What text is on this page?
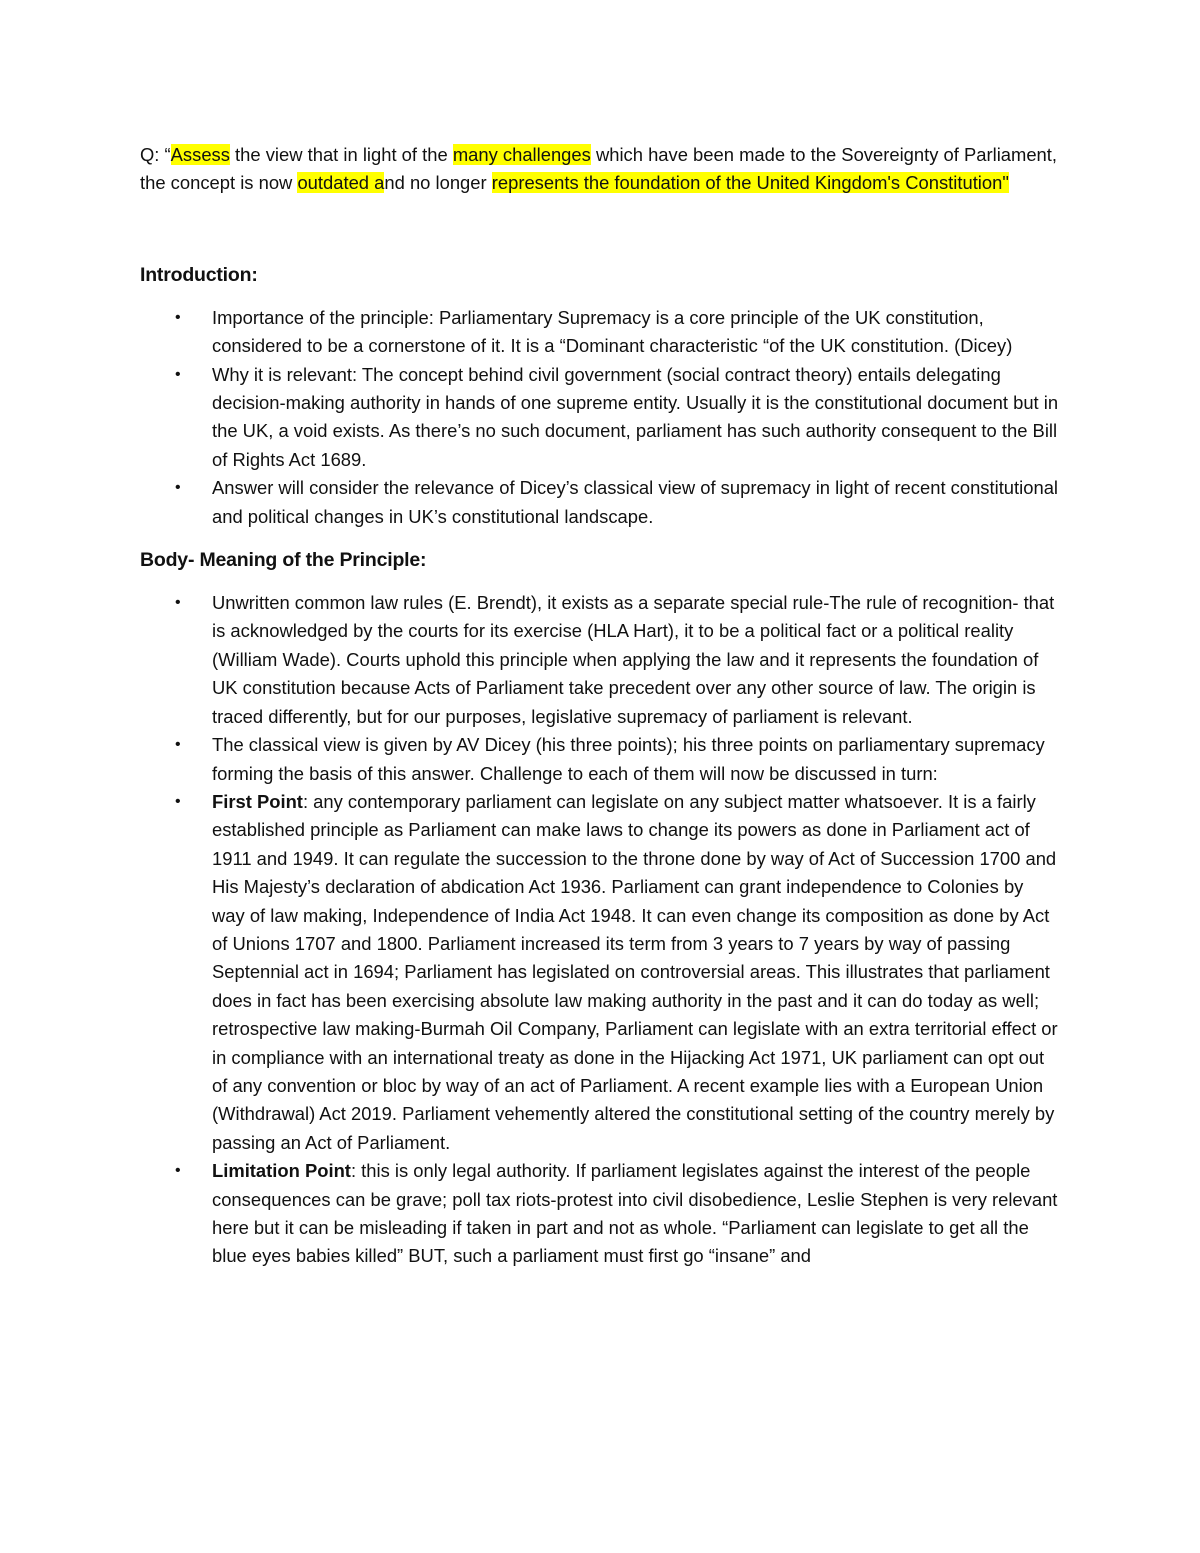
Q: “Assess the view that in light of the many challenges which have been made to the Sovereignty of Parliament, the concept is now outdated and no longer represents the foundation of the United Kingdom's Constitution"

Introduction:
• Importance of the principle: Parliamentary Supremacy is a core principle of the UK constitution, considered to be a cornerstone of it. It is a “Dominant characteristic “of the UK constitution. (Dicey)
• Why it is relevant: The concept behind civil government (social contract theory) entails delegating decision-making authority in hands of one supreme entity. Usually it is the constitutional document but in the UK, a void exists. As there’s no such document, parliament has such authority consequent to the Bill of Rights Act 1689.
• Answer will consider the relevance of Dicey’s classical view of supremacy in light of recent constitutional and political changes in UK’s constitutional landscape.
Body- Meaning of the Principle:
• Unwritten common law rules (E. Brendt), it exists as a separate special rule-The rule of recognition- that is acknowledged by the courts for its exercise (HLA Hart), it to be a political fact or a political reality (William Wade). Courts uphold this principle when applying the law and it represents the foundation of UK constitution because Acts of Parliament take precedent over any other source of law. The origin is traced differently, but for our purposes, legislative supremacy of parliament is relevant.
• The classical view is given by AV Dicey (his three points); his three points on parliamentary supremacy forming the basis of this answer. Challenge to each of them will now be discussed in turn:
• First Point: any contemporary parliament can legislate on any subject matter whatsoever. It is a fairly established principle as Parliament can make laws to change its powers as done in Parliament act of 1911 and 1949. It can regulate the succession to the throne done by way of Act of Succession 1700 and His Majesty’s declaration of abdication Act 1936. Parliament can grant independence to Colonies by way of law making, Independence of India Act 1948. It can even change its composition as done by Act of Unions 1707 and 1800. Parliament increased its term from 3 years to 7 years by way of passing Septennial act in 1694; Parliament has legislated on controversial areas. This illustrates that parliament does in fact has been exercising absolute law making authority in the past and it can do today as well; retrospective law making-Burmah Oil Company, Parliament can legislate with an extra territorial effect or in compliance with an international treaty as done in the Hijacking Act 1971, UK parliament can opt out of any convention or bloc by way of an act of Parliament. A recent example lies with a European Union (Withdrawal) Act 2019. Parliament vehemently altered the constitutional setting of the country merely by passing an Act of Parliament.
• Limitation Point: this is only legal authority. If parliament legislates against the interest of the people consequences can be grave; poll tax riots-protest into civil disobedience, Leslie Stephen is very relevant here but it can be misleading if taken in part and not as whole. “Parliament can legislate to get all the blue eyes babies killed” BUT, such a parliament must first go “insane” and
